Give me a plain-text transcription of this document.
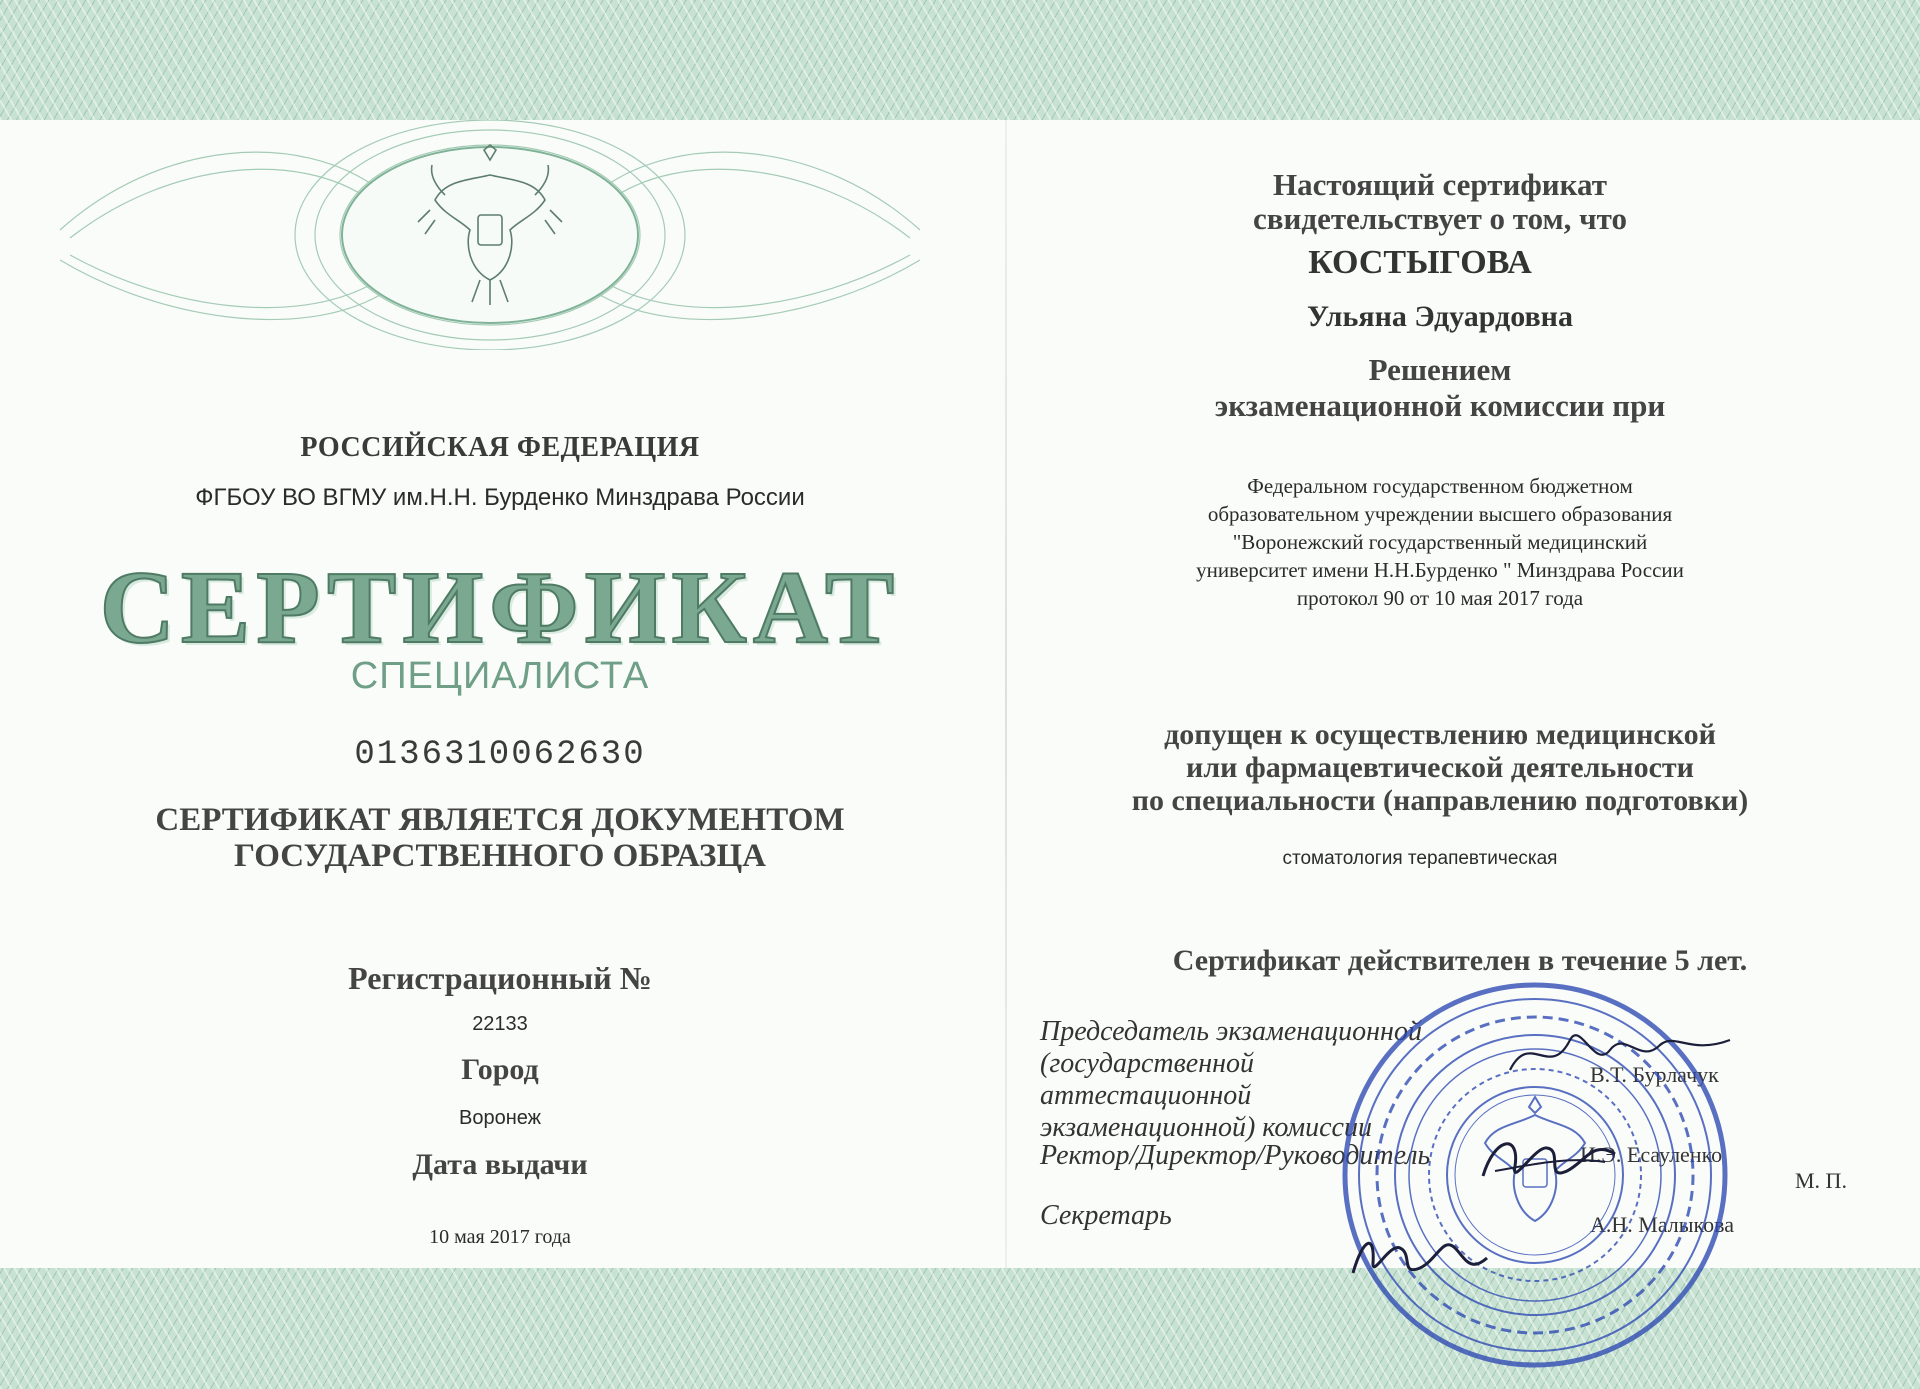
РОССИЙСКАЯ ФЕДЕРАЦИЯ
ФГБОУ ВО ВГМУ им.Н.Н. Бурденко Минздрава России
СЕРТИФИКАТ
СПЕЦИАЛИСТА
0136310062630
СЕРТИФИКАТ ЯВЛЯЕТСЯ ДОКУМЕНТОМ
ГОСУДАРСТВЕННОГО ОБРАЗЦА
Регистрационный №
22133
Город
Воронеж
Дата выдачи
10 мая 2017 года
Настоящий сертификат
свидетельствует о том, что
КОСТЫГОВА
Ульяна Эдуардовна
Решением
экзаменационной комиссии при
Федеральном государственном бюджетном
образовательном учреждении высшего образования
"Воронежский государственный медицинский
университет имени Н.Н.Бурденко " Минздрава России
протокол 90 от 10 мая 2017 года
допущен к осуществлению медицинской
или фармацевтической деятельности
по специальности (направлению подготовки)
стоматология терапевтическая
Сертификат действителен в течение 5 лет.
Председатель экзаменационной
(государственной аттестационной
экзаменационной) комиссии
В.Т. Бурлачук
Ректор/Директор/Руководитель	И.Э. Есауленко
М. П.
Секретарь	А.Н. Малыкова
